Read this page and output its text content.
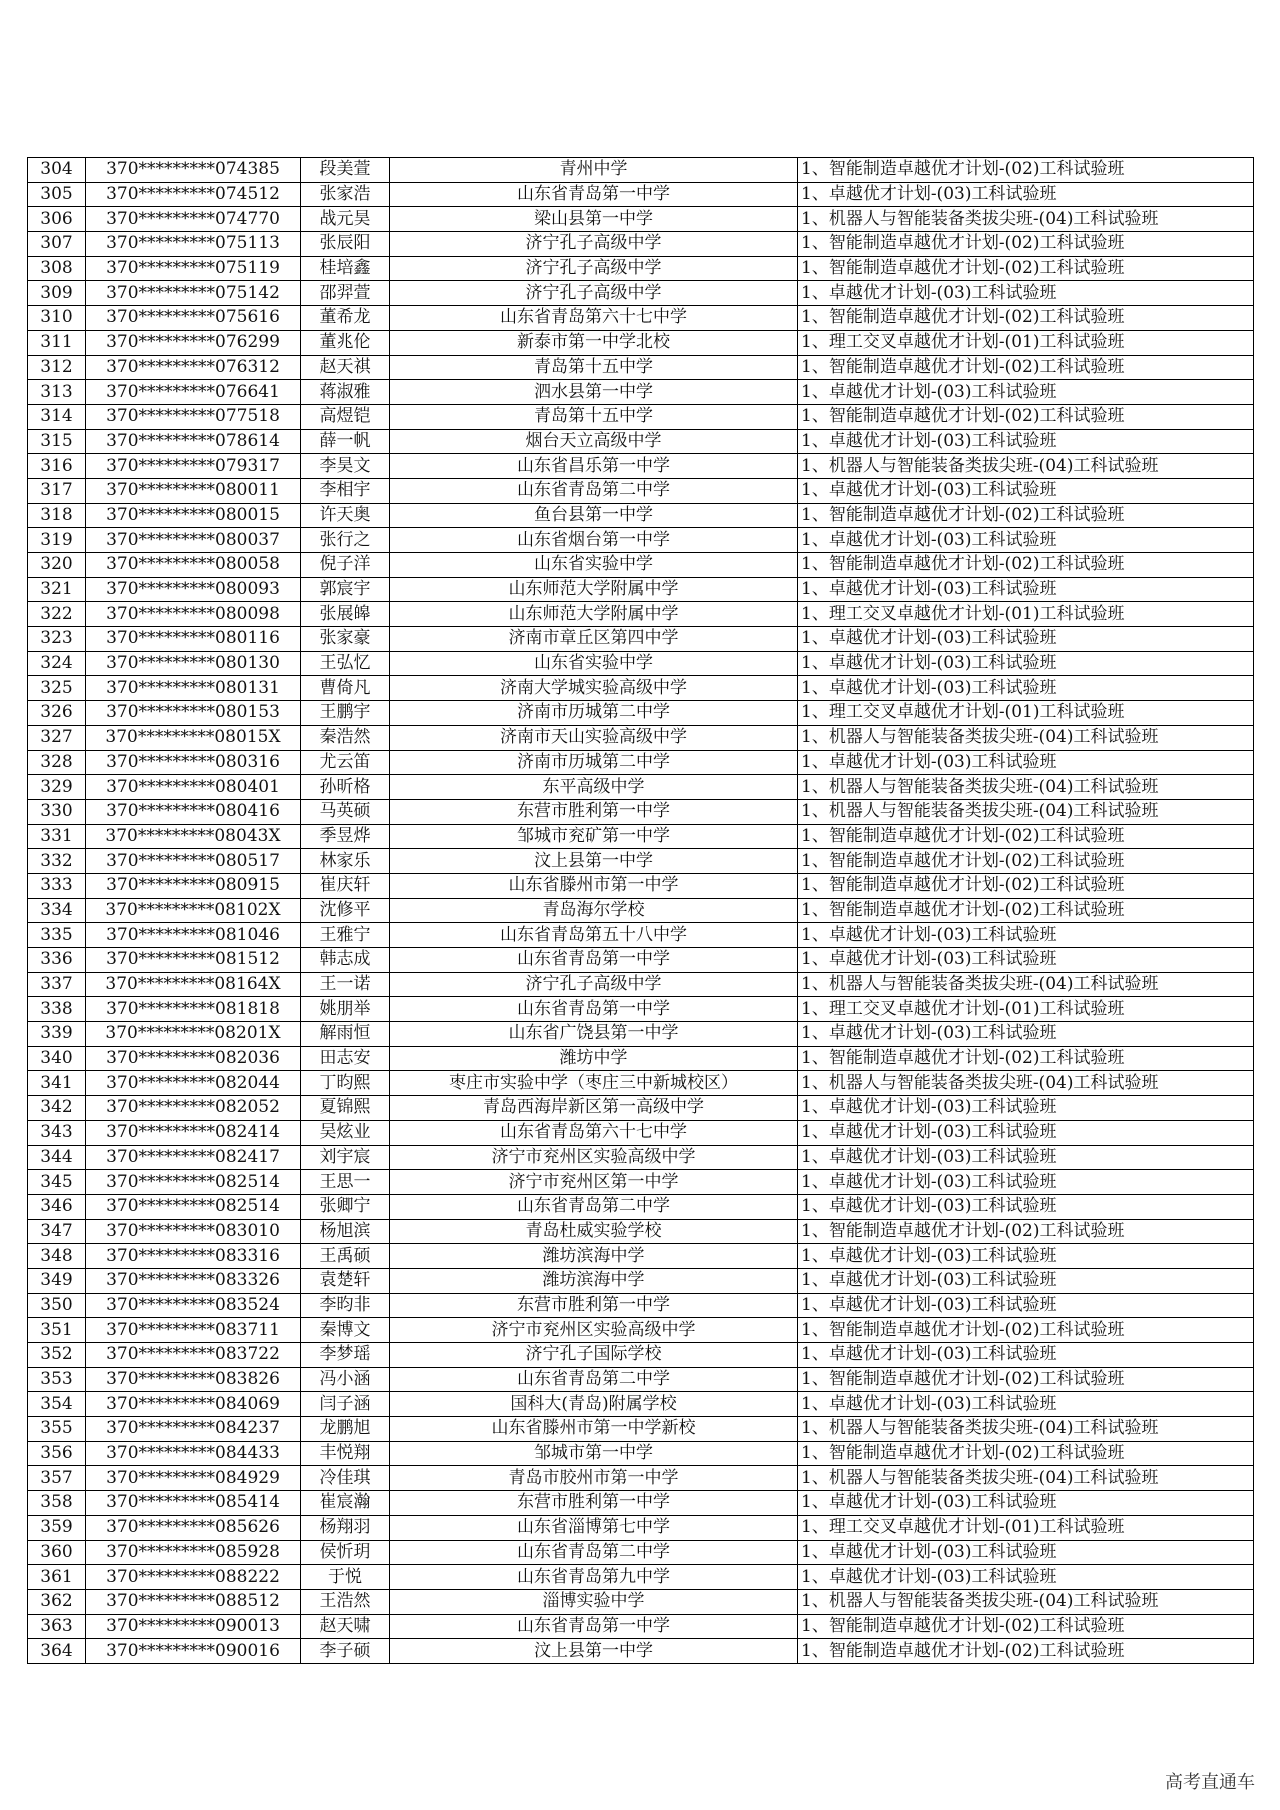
304	370*********074385	段美萱	青州中学	1、智能制造卓越优才计划-(02)工科试验班
305	370*********074512	张家浩	山东省青岛第一中学	1、卓越优才计划-(03)工科试验班
306	370*********074770	战元昊	梁山县第一中学	1、机器人与智能装备类拔尖班-(04)工科试验班
307	370*********075113	张辰阳	济宁孔子高级中学	1、智能制造卓越优才计划-(02)工科试验班
308	370*********075119	桂培鑫	济宁孔子高级中学	1、智能制造卓越优才计划-(02)工科试验班
309	370*********075142	邵羿萱	济宁孔子高级中学	1、卓越优才计划-(03)工科试验班
310	370*********075616	董希龙	山东省青岛第六十七中学	1、智能制造卓越优才计划-(02)工科试验班
311	370*********076299	董兆伦	新泰市第一中学北校	1、理工交叉卓越优才计划-(01)工科试验班
312	370*********076312	赵天祺	青岛第十五中学	1、智能制造卓越优才计划-(02)工科试验班
313	370*********076641	蒋淑雅	泗水县第一中学	1、卓越优才计划-(03)工科试验班
314	370*********077518	高煜铠	青岛第十五中学	1、智能制造卓越优才计划-(02)工科试验班
315	370*********078614	薛一帆	烟台天立高级中学	1、卓越优才计划-(03)工科试验班
316	370*********079317	李昊文	山东省昌乐第一中学	1、机器人与智能装备类拔尖班-(04)工科试验班
317	370*********080011	李相宇	山东省青岛第二中学	1、卓越优才计划-(03)工科试验班
318	370*********080015	许天奥	鱼台县第一中学	1、智能制造卓越优才计划-(02)工科试验班
319	370*********080037	张行之	山东省烟台第一中学	1、卓越优才计划-(03)工科试验班
320	370*********080058	倪子洋	山东省实验中学	1、智能制造卓越优才计划-(02)工科试验班
321	370*********080093	郭宸宇	山东师范大学附属中学	1、卓越优才计划-(03)工科试验班
322	370*********080098	张展皞	山东师范大学附属中学	1、理工交叉卓越优才计划-(01)工科试验班
323	370*********080116	张家豪	济南市章丘区第四中学	1、卓越优才计划-(03)工科试验班
324	370*********080130	王弘忆	山东省实验中学	1、卓越优才计划-(03)工科试验班
325	370*********080131	曹倚凡	济南大学城实验高级中学	1、卓越优才计划-(03)工科试验班
326	370*********080153	王鹏宇	济南市历城第二中学	1、理工交叉卓越优才计划-(01)工科试验班
327	370*********08015X	秦浩然	济南市天山实验高级中学	1、机器人与智能装备类拔尖班-(04)工科试验班
328	370*********080316	尤云笛	济南市历城第二中学	1、卓越优才计划-(03)工科试验班
329	370*********080401	孙昕格	东平高级中学	1、机器人与智能装备类拔尖班-(04)工科试验班
330	370*********080416	马英硕	东营市胜利第一中学	1、机器人与智能装备类拔尖班-(04)工科试验班
331	370*********08043X	季昱烨	邹城市兖矿第一中学	1、智能制造卓越优才计划-(02)工科试验班
332	370*********080517	林家乐	汶上县第一中学	1、智能制造卓越优才计划-(02)工科试验班
333	370*********080915	崔庆轩	山东省滕州市第一中学	1、智能制造卓越优才计划-(02)工科试验班
334	370*********08102X	沈修平	青岛海尔学校	1、智能制造卓越优才计划-(02)工科试验班
335	370*********081046	王雅宁	山东省青岛第五十八中学	1、卓越优才计划-(03)工科试验班
336	370*********081512	韩志成	山东省青岛第一中学	1、卓越优才计划-(03)工科试验班
337	370*********08164X	王一诺	济宁孔子高级中学	1、机器人与智能装备类拔尖班-(04)工科试验班
338	370*********081818	姚朋举	山东省青岛第一中学	1、理工交叉卓越优才计划-(01)工科试验班
339	370*********08201X	解雨恒	山东省广饶县第一中学	1、卓越优才计划-(03)工科试验班
340	370*********082036	田志安	潍坊中学	1、智能制造卓越优才计划-(02)工科试验班
341	370*********082044	丁昀熙	枣庄市实验中学（枣庄三中新城校区）	1、机器人与智能装备类拔尖班-(04)工科试验班
342	370*********082052	夏锦熙	青岛西海岸新区第一高级中学	1、卓越优才计划-(03)工科试验班
343	370*********082414	吴炫业	山东省青岛第六十七中学	1、卓越优才计划-(03)工科试验班
344	370*********082417	刘宇宸	济宁市兖州区实验高级中学	1、卓越优才计划-(03)工科试验班
345	370*********082514	王思一	济宁市兖州区第一中学	1、卓越优才计划-(03)工科试验班
346	370*********082514	张卿宁	山东省青岛第二中学	1、卓越优才计划-(03)工科试验班
347	370*********083010	杨旭滨	青岛杜威实验学校	1、智能制造卓越优才计划-(02)工科试验班
348	370*********083316	王禹硕	潍坊滨海中学	1、卓越优才计划-(03)工科试验班
349	370*********083326	袁楚轩	潍坊滨海中学	1、卓越优才计划-(03)工科试验班
350	370*********083524	李昀非	东营市胜利第一中学	1、卓越优才计划-(03)工科试验班
351	370*********083711	秦博文	济宁市兖州区实验高级中学	1、智能制造卓越优才计划-(02)工科试验班
352	370*********083722	李梦瑶	济宁孔子国际学校	1、卓越优才计划-(03)工科试验班
353	370*********083826	冯小涵	山东省青岛第二中学	1、智能制造卓越优才计划-(02)工科试验班
354	370*********084069	闫子涵	国科大(青岛)附属学校	1、卓越优才计划-(03)工科试验班
355	370*********084237	龙鹏旭	山东省滕州市第一中学新校	1、机器人与智能装备类拔尖班-(04)工科试验班
356	370*********084433	丰悦翔	邹城市第一中学	1、智能制造卓越优才计划-(02)工科试验班
357	370*********084929	冷佳琪	青岛市胶州市第一中学	1、机器人与智能装备类拔尖班-(04)工科试验班
358	370*********085414	崔宸瀚	东营市胜利第一中学	1、卓越优才计划-(03)工科试验班
359	370*********085626	杨翔羽	山东省淄博第七中学	1、理工交叉卓越优才计划-(01)工科试验班
360	370*********085928	侯忻玥	山东省青岛第二中学	1、卓越优才计划-(03)工科试验班
361	370*********088222	于悦	山东省青岛第九中学	1、卓越优才计划-(03)工科试验班
362	370*********088512	王浩然	淄博实验中学	1、机器人与智能装备类拔尖班-(04)工科试验班
363	370*********090013	赵天啸	山东省青岛第一中学	1、智能制造卓越优才计划-(02)工科试验班
364	370*********090016	李子硕	汶上县第一中学	1、智能制造卓越优才计划-(02)工科试验班
高考直通车
